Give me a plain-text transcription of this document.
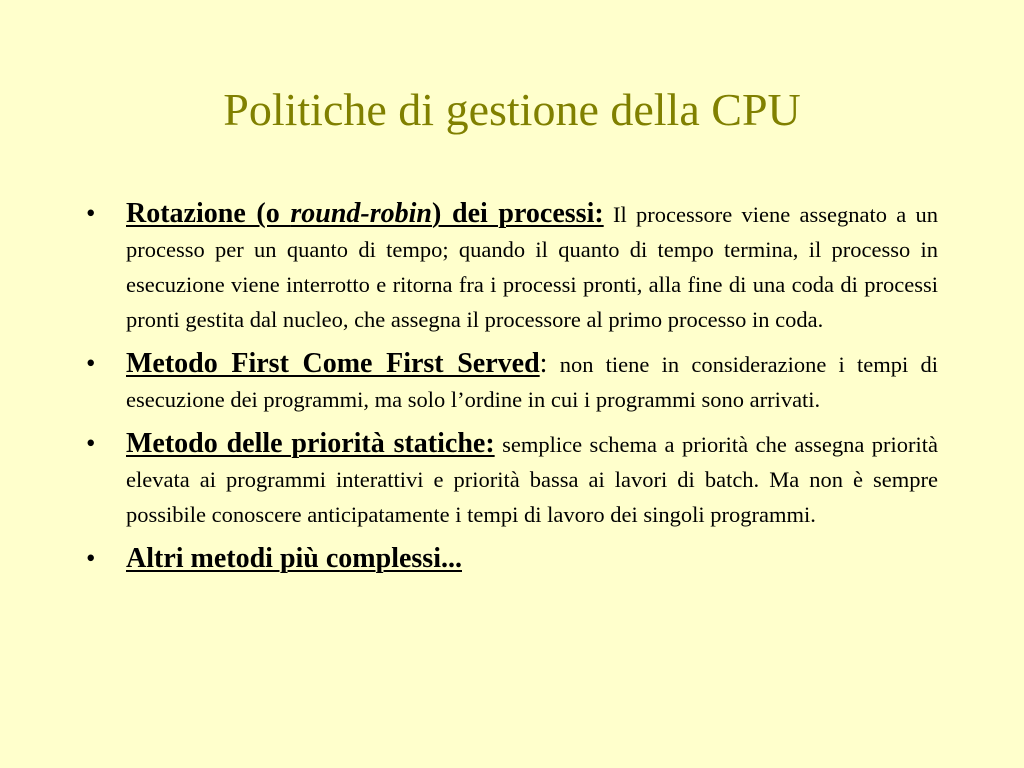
Politiche di gestione della CPU
• Rotazione (o round-robin) dei processi: Il processore viene assegnato a un processo per un quanto di tempo; quando il quanto di tempo termina, il processo in esecuzione viene interrotto e ritorna fra i processi pronti, alla fine di una coda di processi pronti gestita dal nucleo, che assegna il processore al primo processo in coda.
• Metodo First Come First Served: non tiene in considerazione i tempi di esecuzione dei programmi, ma solo l’ordine in cui i programmi sono arrivati.
• Metodo delle priorità statiche: semplice schema a priorità che assegna priorità elevata ai programmi interattivi e priorità bassa ai lavori di batch. Ma non è sempre possibile conoscere anticipatamente i tempi di lavoro dei singoli programmi.
• Altri metodi più complessi...
